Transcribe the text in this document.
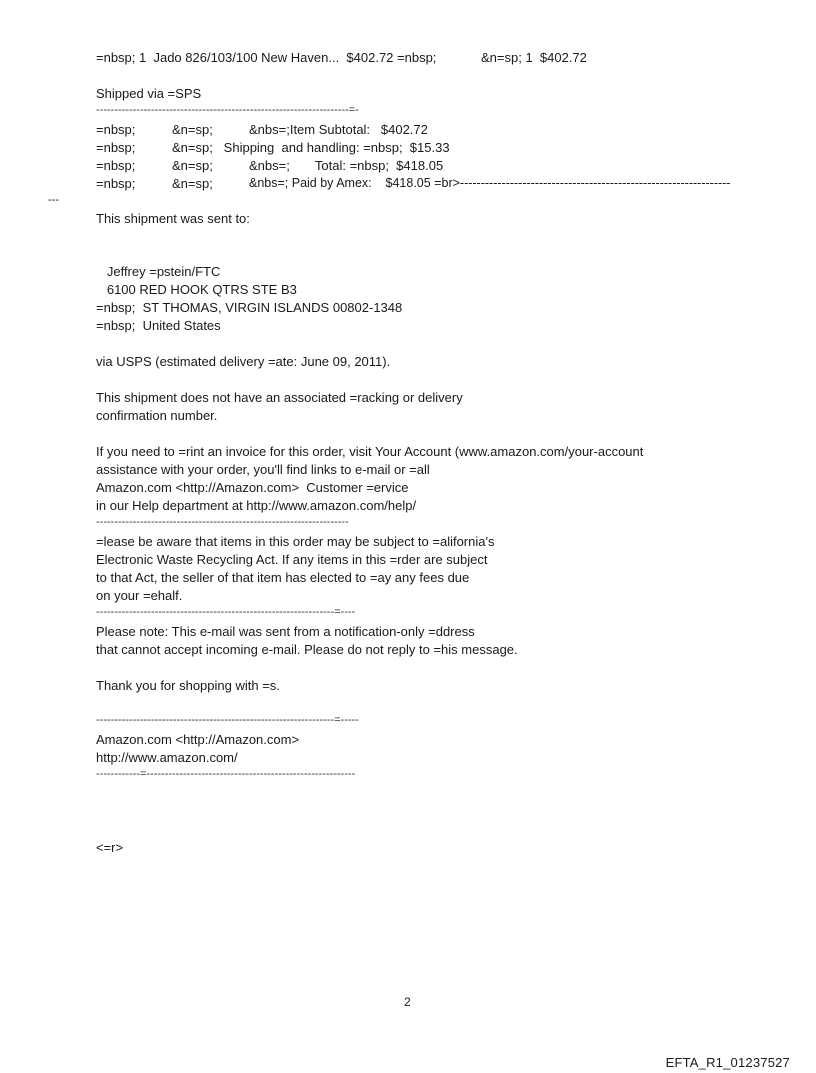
=nbsp; 1  Jado 826/103/100 New Haven...  $402.72 =nbsp;	&n=sp; 1  $402.72
Shipped via =SPS
---------------------------------------------------------------------=-
=nbsp;	&n=sp;	&nbs=;Item Subtotal:   $402.72
=nbsp;	&n=sp;   Shipping  and handling: =nbsp;  $15.33
=nbsp;	&n=sp;	&nbs=;       Total: =nbsp;  $418.05
=nbsp;	&n=sp;	&nbs=; Paid by Amex:    $418.05 =br>-----------------------------------------------------------------
---
This shipment was sent to:
Jeffrey =pstein/FTC
6100 RED HOOK QTRS STE B3
=nbsp;  ST THOMAS, VIRGIN ISLANDS 00802-1348
=nbsp;  United States
via USPS (estimated delivery =ate: June 09, 2011).
This shipment does not have an associated =racking or delivery
confirmation number.
If you need to =rint an invoice for this order, visit Your Account (www.amazon.com/your-account
assistance with your order, you'll find links to e-mail or =all
Amazon.com <http://Amazon.com>  Customer =ervice
in our Help department at http://www.amazon.com/help/
---------------------------------------------------------------------
=lease be aware that items in this order may be subject to =alifornia's
Electronic Waste Recycling Act. If any items in this =rder are subject
to that Act, the seller of that item has elected to =ay any fees due
on your =ehalf.
-----------------------------------------------------------------=----
Please note: This e-mail was sent from a notification-only =ddress
that cannot accept incoming e-mail. Please do not reply to =his message.
Thank you for shopping with =s.
-----------------------------------------------------------------=-----
Amazon.com <http://Amazon.com>
http://www.amazon.com/
------------=---------------------------------------------------------
<=r>
2
EFTA_R1_01237527
